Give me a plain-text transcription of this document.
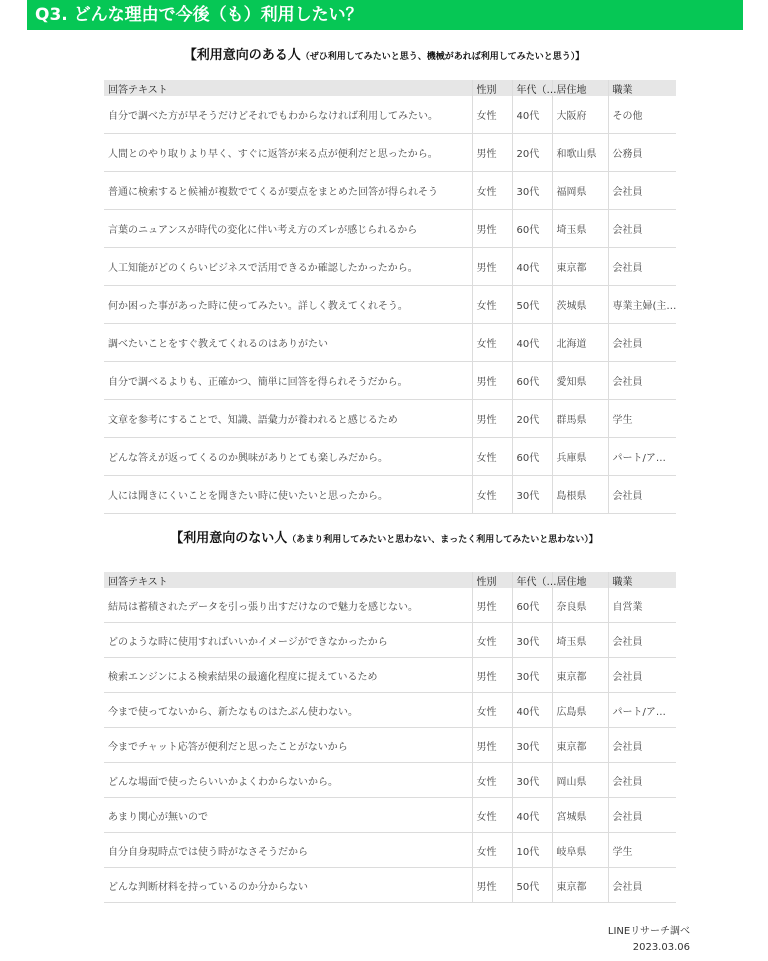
Q3. どんな理由で今後（も）利用したい？
【利用意向のある人（ぜひ利用してみたいと思う、機械があれば利用してみたいと思う）】
回答テキスト	性別	年代（…	居住地	職業
自分で調べた方が早そうだけどそれでもわからなければ利用してみたい。	女性	40代	大阪府	その他
人間とのやり取りより早く、すぐに返答が来る点が便利だと思ったから。	男性	20代	和歌山県	公務員
普通に検索すると候補が複数でてくるが要点をまとめた回答が得られそう	女性	30代	福岡県	会社員
言葉のニュアンスが時代の変化に伴い考え方のズレが感じられるから	男性	60代	埼玉県	会社員
人工知能がどのくらいビジネスで活用できるか確認したかったから。	男性	40代	東京都	会社員
何か困った事があった時に使ってみたい。詳しく教えてくれそう。	女性	50代	茨城県	専業主婦(主…
調べたいことをすぐ教えてくれるのはありがたい	女性	40代	北海道	会社員
自分で調べるよりも、正確かつ、簡単に回答を得られそうだから。	男性	60代	愛知県	会社員
文章を参考にすることで、知識、語彙力が養われると感じるため	男性	20代	群馬県	学生
どんな答えが返ってくるのか興味がありとても楽しみだから。	女性	60代	兵庫県	パート/ア…
人には聞きにくいことを聞きたい時に使いたいと思ったから。	女性	30代	島根県	会社員
【利用意向のない人（あまり利用してみたいと思わない、まったく利用してみたいと思わない）】
回答テキスト	性別	年代（…	居住地	職業
結局は蓄積されたデータを引っ張り出すだけなので魅力を感じない。	男性	60代	奈良県	自営業
どのような時に使用すればいいかイメージができなかったから	女性	30代	埼玉県	会社員
検索エンジンによる検索結果の最適化程度に捉えているため	男性	30代	東京都	会社員
今まで使ってないから、新たなものはたぶん使わない。	女性	40代	広島県	パート/ア…
今までチャット応答が便利だと思ったことがないから	男性	30代	東京都	会社員
どんな場面で使ったらいいかよくわからないから。	女性	30代	岡山県	会社員
あまり関心が無いので	女性	40代	宮城県	会社員
自分自身現時点では使う時がなさそうだから	女性	10代	岐阜県	学生
どんな判断材料を持っているのか分からない	男性	50代	東京都	会社員
LINEリサーチ調べ
2023.03.06
